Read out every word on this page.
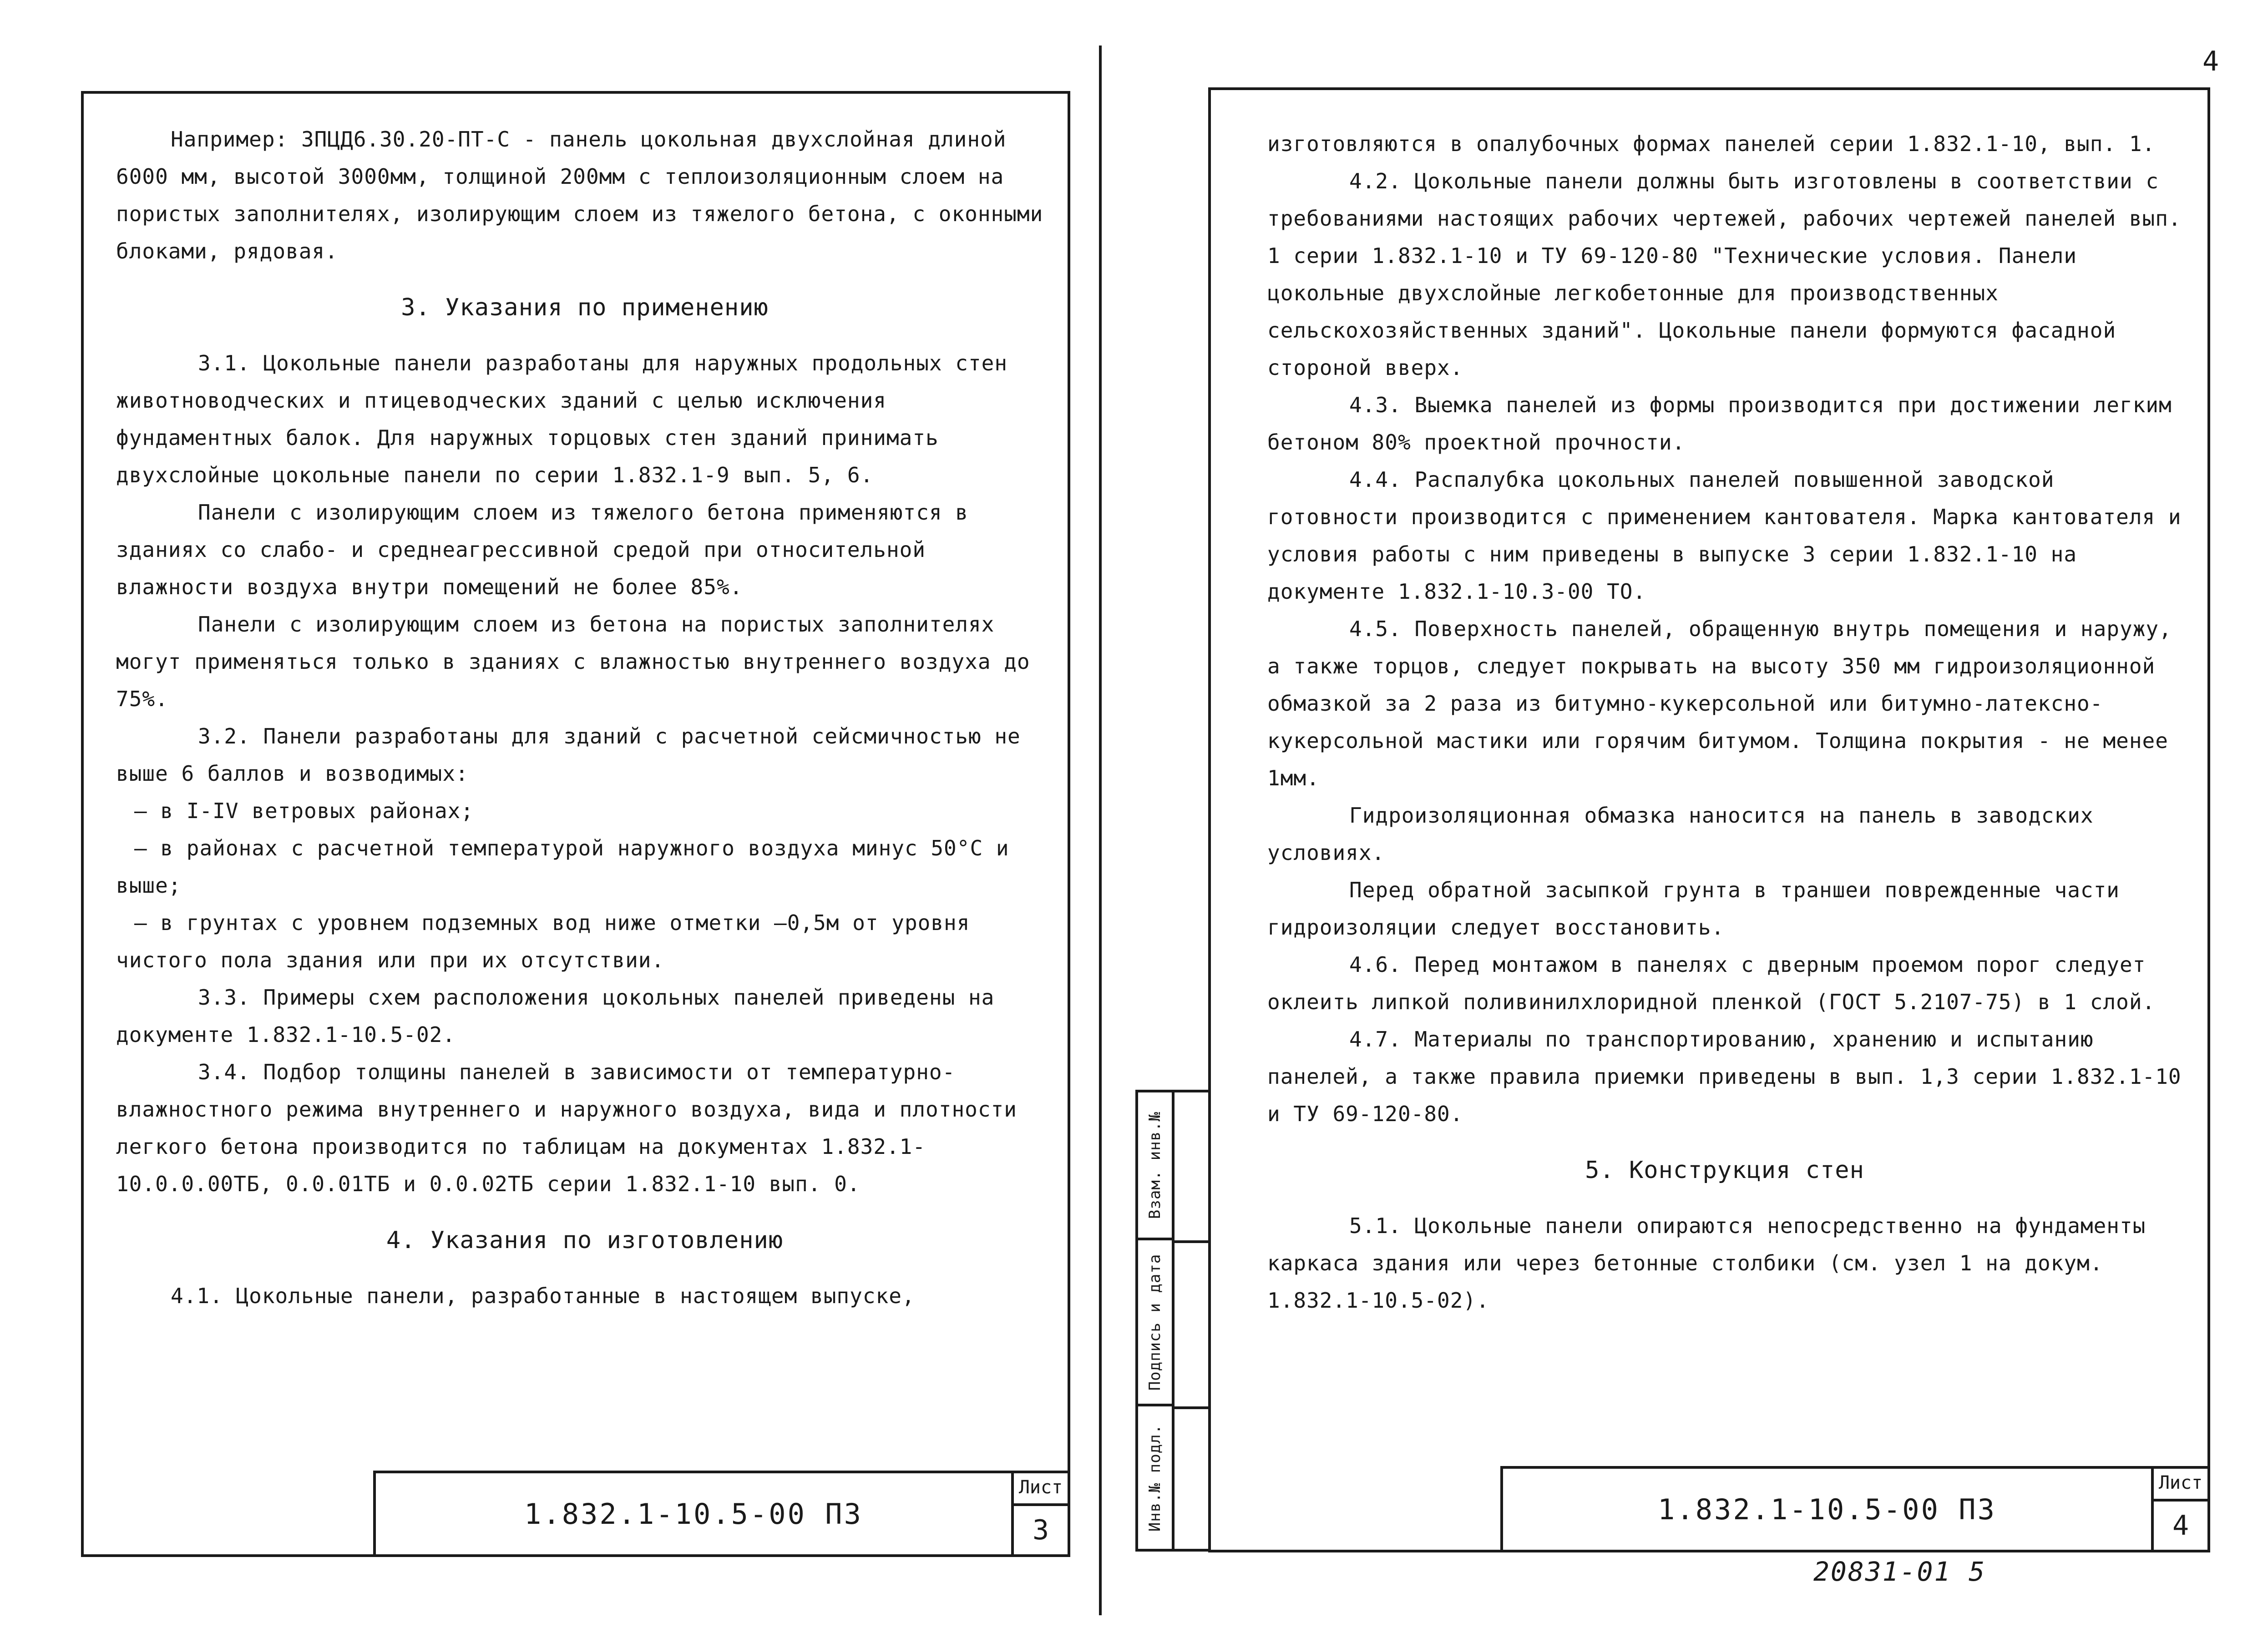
4

Например: 3ПЦД6.30.20-ПТ-С - панель цокольная двухслойная длиной 6000 мм, высотой 3000мм, толщиной 200мм с теплоизоляционным слоем на пористых заполнителях, изолирующим слоем из тяжелого бетона, с оконными блоками, рядовая.

3. Указания по применению

3.1. Цокольные панели разработаны для наружных продольных стен животноводческих и птицеводческих зданий с целью исключения фундаментных балок. Для наружных торцовых стен зданий принимать двухслойные цокольные панели по серии 1.832.1-9 вып. 5, 6.

Панели с изолирующим слоем из тяжелого бетона применяются в зданиях со слабо- и среднеагрессивной средой при относительной влажности воздуха внутри помещений не более 85%.

Панели с изолирующим слоем из бетона на пористых заполнителях могут применяться только в зданиях с влажностью внутреннего воздуха до 75%.

3.2. Панели разработаны для зданий с расчетной сейсмичностью не выше 6 баллов и возводимых:

– в I-IV ветровых районах;

– в районах с расчетной температурой наружного воздуха минус 50°С и выше;

– в грунтах с уровнем подземных вод ниже отметки –0,5м от уровня чистого пола здания или при их отсутствии.

3.3. Примеры схем расположения цокольных панелей приведены на документе 1.832.1-10.5-02.

3.4. Подбор толщины панелей в зависимости от температурно-влажностного режима внутреннего и наружного воздуха, вида и плотности легкого бетона производится по таблицам на документах 1.832.1-10.0.0.00ТБ, 0.0.01ТБ и 0.0.02ТБ серии 1.832.1-10 вып. 0.

4. Указания по изготовлению

4.1. Цокольные панели, разработанные в настоящем выпуске,

1.832.1-10.5-00 ПЗ
Лист
3

изготовляются в опалубочных формах панелей серии 1.832.1-10, вып. 1.

4.2. Цокольные панели должны быть изготовлены в соответствии с требованиями настоящих рабочих чертежей, рабочих чертежей панелей вып. 1 серии 1.832.1-10 и ТУ 69-120-80 "Технические условия. Панели цокольные двухслойные легкобетонные для производственных сельскохозяйственных зданий". Цокольные панели формуются фасадной стороной вверх.

4.3. Выемка панелей из формы производится при достижении легким бетоном 80% проектной прочности.

4.4. Распалубка цокольных панелей повышенной заводской готовности производится с применением кантователя. Марка кантователя и условия работы с ним приведены в выпуске 3 серии 1.832.1-10 на документе 1.832.1-10.3-00 ТО.

4.5. Поверхность панелей, обращенную внутрь помещения и наружу, а также торцов, следует покрывать на высоту 350 мм гидроизоляционной обмазкой за 2 раза из битумно-кукерсольной или битумно-латексно-кукерсольной мастики или горячим битумом. Толщина покрытия - не менее 1мм.

Гидроизоляционная обмазка наносится на панель в заводских условиях.

Перед обратной засыпкой грунта в траншеи поврежденные части гидроизоляции следует восстановить.

4.6. Перед монтажом в панелях с дверным проемом порог следует оклеить липкой поливинилхлоридной пленкой (ГОСТ 5.2107-75) в 1 слой.

4.7. Материалы по транспортированию, хранению и испытанию панелей, а также правила приемки приведены в вып. 1,3 серии 1.832.1-10 и ТУ 69-120-80.

5. Конструкция стен

5.1. Цокольные панели опираются непосредственно на фундаменты каркаса здания или через бетонные столбики (см. узел 1 на докум. 1.832.1-10.5-02).

1.832.1-10.5-00 ПЗ
Лист
4
Взам. инв.№
Подпись и дата
Инв.№ подл.
20831-01 5
